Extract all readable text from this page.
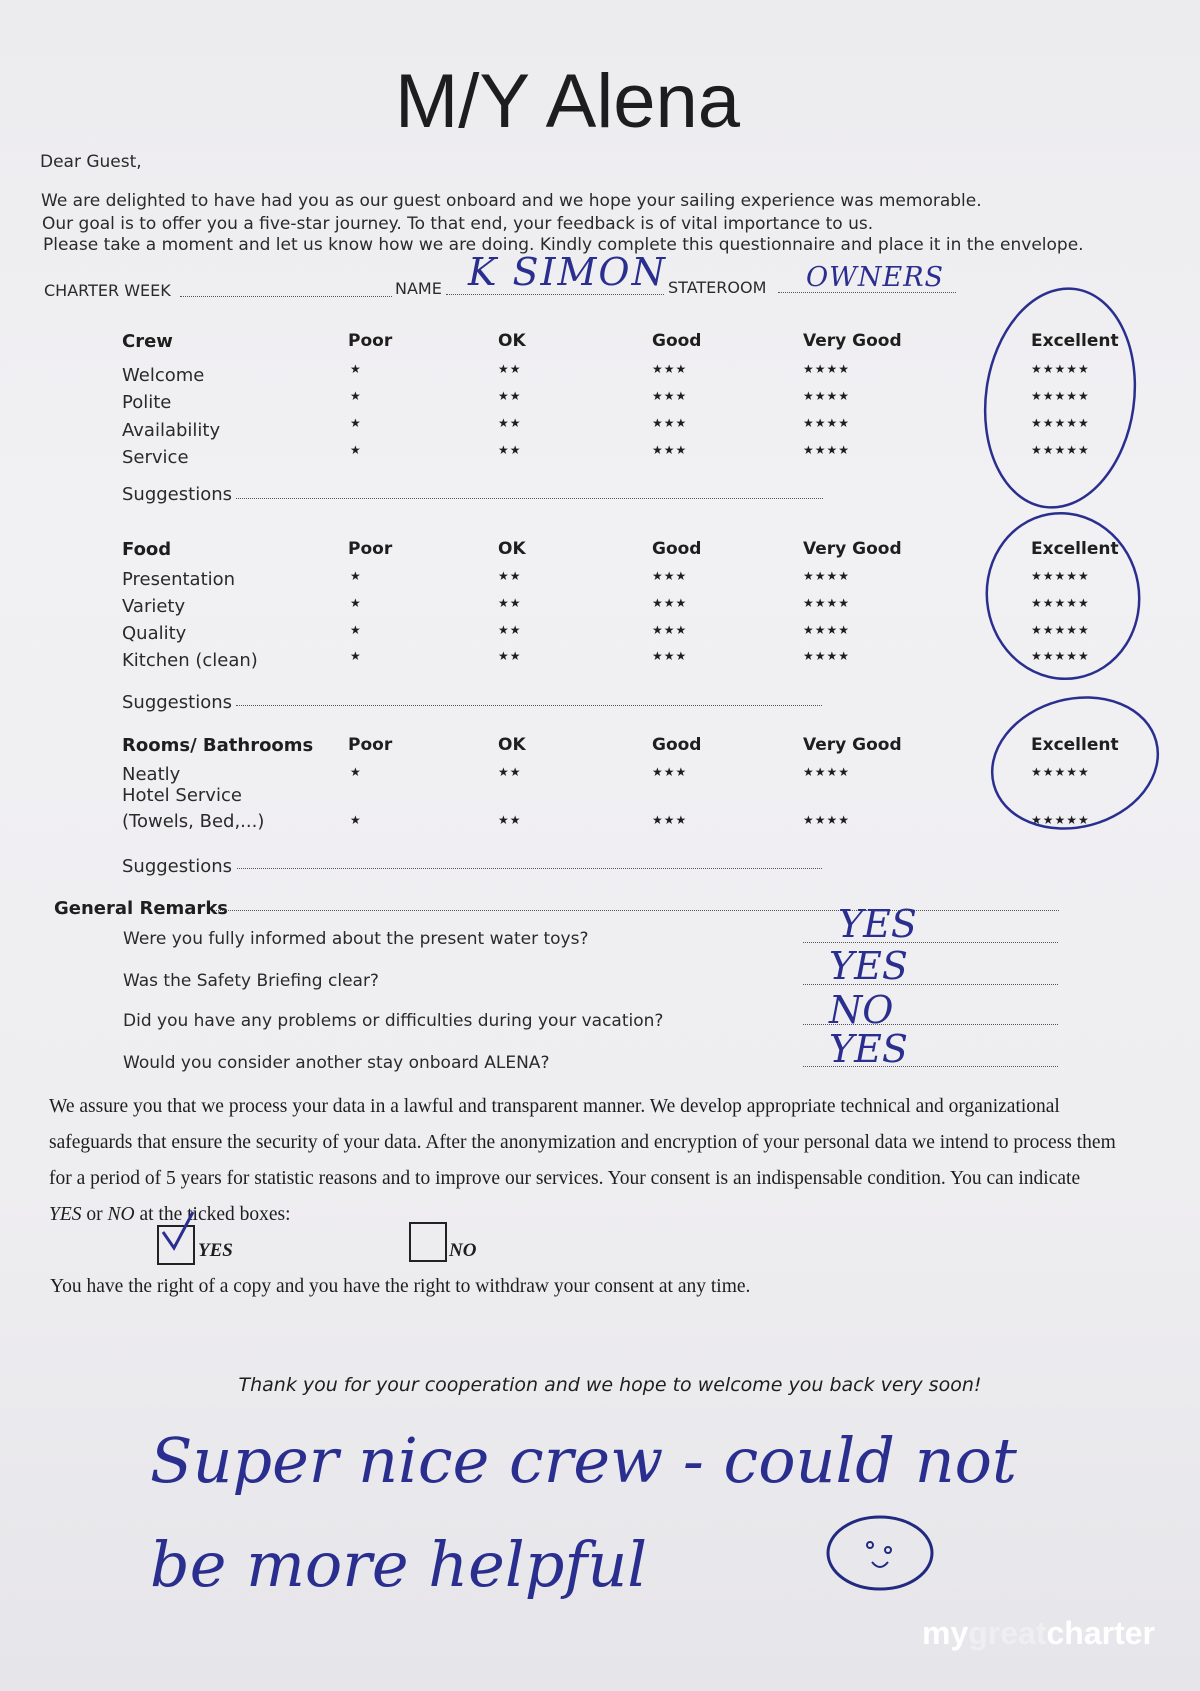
M/Y Alena
Dear Guest,
We are delighted to have had you as our guest onboard and we hope your sailing experience was memorable.
Our goal is to offer you a five-star journey. To that end, your feedback is of vital importance to us.
Please take a moment and let us know how we are doing. Kindly complete this questionnaire and place it in the envelope.
CHARTER WEEK	NAME K SIMON STATEROOM OWNERS
Crew	Poor	OK	Good	Very Good	Excellent
Welcome	★	★★	★★★	★★★★	★★★★★
Polite	★	★★	★★★	★★★★	★★★★★
Availability	★	★★	★★★	★★★★	★★★★★
Service	★	★★	★★★	★★★★	★★★★★
Suggestions
Food	Poor	OK	Good	Very Good	Excellent
Presentation	★	★★	★★★	★★★★	★★★★★
Variety	★	★★	★★★	★★★★	★★★★★
Quality	★	★★	★★★	★★★★	★★★★★
Kitchen (clean)	★	★★	★★★	★★★★	★★★★★
Suggestions
Rooms/ Bathrooms Poor	OK	Good	Very Good	Excellent
Neatly	★	★★	★★★	★★★★	★★★★★
Hotel Service
(Towels, Bed,...)	★	★★	★★★	★★★★	★★★★★
Suggestions
General Remarks
Were you fully informed about the present water toys?	YES
Was the Safety Briefing clear?	YES
Did you have any problems or difficulties during your vacation?	NO
Would you consider another stay onboard ALENA?	YES
We assure you that we process your data in a lawful and transparent manner. We develop appropriate technical and organizational
safeguards that ensure the security of your data. After the anonymization and encryption of your personal data we intend to process them
for a period of 5 years for statistic reasons and to improve our services. Your consent is an indispensable condition. You can indicate
YES or NO at the ticked boxes:
YES	NO
You have the right of a copy and you have the right to withdraw your consent at any time.
Thank you for your cooperation and we hope to welcome you back very soon!
Super nice crew - could not
be more helpful
mygreatcharter
